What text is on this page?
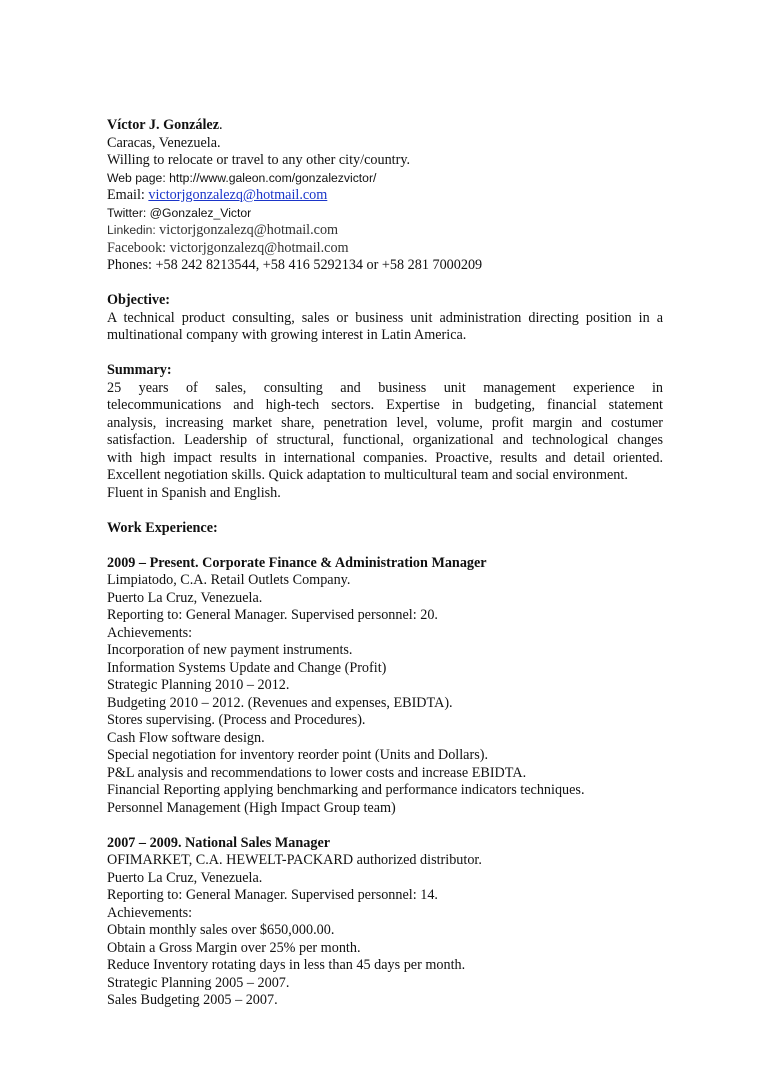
Víctor J. González.
Caracas, Venezuela.
Willing to relocate or travel to any other city/country.
Web page: http://www.galeon.com/gonzalezvictor/
Email: victorjgonzalezq@hotmail.com
Twitter: @Gonzalez_Victor
Linkedin: victorjgonzalezq@hotmail.com
Facebook: victorjgonzalezq@hotmail.com
Phones: +58 242 8213544, +58 416 5292134 or +58 281 7000209
Objective:
A technical product consulting, sales or business unit administration directing position in a
multinational company with growing interest in Latin America.
Summary:
25 years of sales, consulting and business unit management experience in
telecommunications and high-tech sectors. Expertise in budgeting, financial statement
analysis, increasing market share, penetration level, volume, profit margin and costumer
satisfaction. Leadership of structural, functional, organizational and technological changes
with high impact results in international companies. Proactive, results and detail oriented.
Excellent negotiation skills. Quick adaptation to multicultural team and social environment.
Fluent in Spanish and English.
Work Experience:
2009 – Present. Corporate Finance & Administration Manager
Limpiatodo, C.A. Retail Outlets Company.
Puerto La Cruz, Venezuela.
Reporting to: General Manager. Supervised personnel: 20.
Achievements:
Incorporation of new payment instruments.
Information Systems Update and Change (Profit)
Strategic Planning 2010 – 2012.
Budgeting 2010 – 2012. (Revenues and expenses, EBIDTA).
Stores supervising. (Process and Procedures).
Cash Flow software design.
Special negotiation for inventory reorder point (Units and Dollars).
P&L analysis and recommendations to lower costs and increase EBIDTA.
Financial Reporting applying benchmarking and performance indicators techniques.
Personnel Management (High Impact Group team)
2007 – 2009. National Sales Manager
OFIMARKET, C.A. HEWELT-PACKARD authorized distributor.
Puerto La Cruz, Venezuela.
Reporting to: General Manager. Supervised personnel: 14.
Achievements:
Obtain monthly sales over $650,000.00.
Obtain a Gross Margin over 25% per month.
Reduce Inventory rotating days in less than 45 days per month.
Strategic Planning 2005 – 2007.
Sales Budgeting 2005 – 2007.
